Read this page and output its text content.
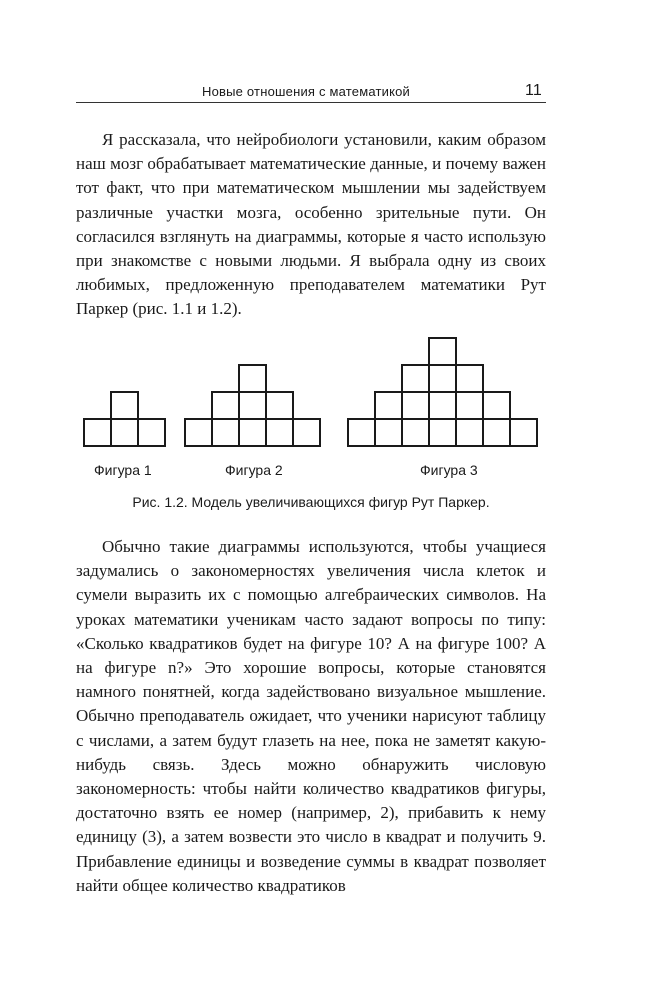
Новые отношения с математикой	11

Я рассказала, что нейробиологи установили, каким образом наш мозг обрабатывает математические данные, и почему важен тот факт, что при математическом мышлении мы задействуем различные участки мозга, особенно зрительные пути. Он согласился взглянуть на диаграммы, которые я часто использую при знакомстве с новыми людьми. Я выбрала одну из своих любимых, предложенную преподавателем математики Рут Паркер (рис. 1.1 и 1.2).

Фигура 1	Фигура 2	Фигура 3
Рис. 1.2. Модель увеличивающихся фигур Рут Паркер.

Обычно такие диаграммы используются, чтобы учащиеся задумались о закономерностях увеличения числа клеток и сумели выразить их с помощью алгебраических символов. На уроках математики ученикам часто задают вопросы по типу: «Сколько квадратиков будет на фигуре 10? А на фигуре 100? А на фигуре n?» Это хорошие вопросы, которые становятся намного понятней, когда задействовано визуальное мышление. Обычно преподаватель ожидает, что ученики нарисуют таблицу с числами, а затем будут глазеть на нее, пока не заметят какую-нибудь связь. Здесь можно обнаружить числовую закономерность: чтобы найти количество квадратиков фигуры, достаточно взять ее номер (например, 2), прибавить к нему единицу (3), а затем возвести это число в квадрат и получить 9. Прибавление единицы и возведение суммы в квадрат позволяет найти общее количество квадратиков
